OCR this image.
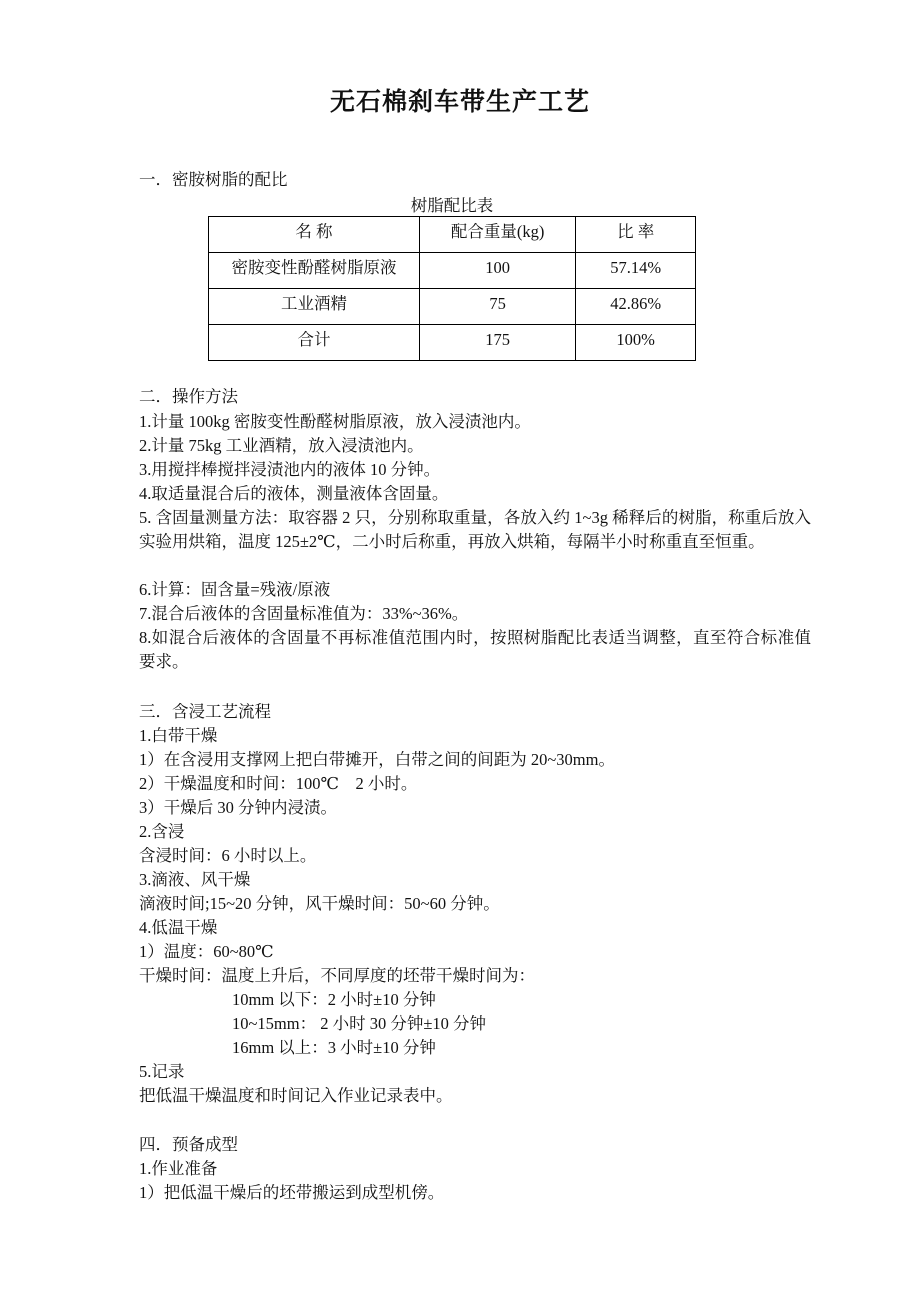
无石棉刹车带生产工艺
一．密胺树脂的配比
树脂配比表
名 称	配合重量(kg)	比 率
密胺变性酚醛树脂原液	100	57.14%
工业酒精	75	42.86%
合计	175	100%
二．操作方法
1.计量 100kg 密胺变性酚醛树脂原液，放入浸渍池内。
2.计量 75kg 工业酒精，放入浸渍池内。
3.用搅拌棒搅拌浸渍池内的液体 10 分钟。
4.取适量混合后的液体，测量液体含固量。
5. 含固量测量方法：取容器 2 只，分别称取重量，各放入约 1~3g 稀释后的树脂，称重后放入实验用烘箱，温度 125±2℃，二小时后称重，再放入烘箱，每隔半小时称重直至恒重。
6.计算：固含量=残液/原液
7.混合后液体的含固量标准值为：33%~36%。
8.如混合后液体的含固量不再标准值范围内时，按照树脂配比表适当调整，直至符合标准值要求。
三．含浸工艺流程
1.白带干燥
1）在含浸用支撑网上把白带摊开，白带之间的间距为 20~30mm。
2）干燥温度和时间：100℃　2 小时。
3）干燥后 30 分钟内浸渍。
2.含浸
含浸时间：6 小时以上。
3.滴液、风干燥
滴液时间;15~20 分钟，风干燥时间：50~60 分钟。
4.低温干燥
1）温度：60~80℃
干燥时间：温度上升后，不同厚度的坯带干燥时间为：
10mm 以下：2 小时±10 分钟
10~15mm： 2 小时 30 分钟±10 分钟
16mm 以上：3 小时±10 分钟
5.记录
把低温干燥温度和时间记入作业记录表中。
四．预备成型
1.作业准备
1）把低温干燥后的坯带搬运到成型机傍。
